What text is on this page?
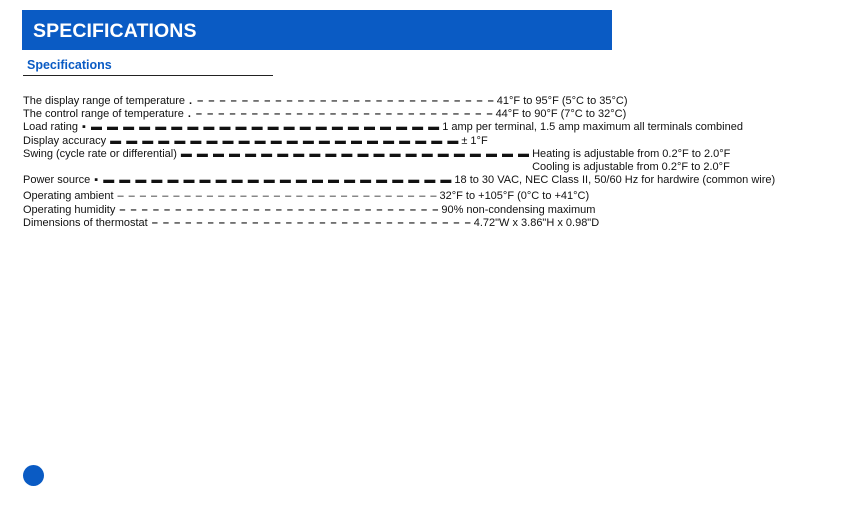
SPECIFICATIONS
Specifications
The display range of temperature . – – – – – – – – – – – – – – – – – – – – – – – – – – – 41°F to 95°F (5°C to 35°C)
The control range of temperature . – – – – – – – – – – – – – – – – – – – – – – – – – – – 44°F to 90°F (7°C to 32°C)
Load rating ▪ ▬ ▬ ▬ ▬ ▬ ▬ ▬ ▬ ▬ ▬ ▬ ▬ ▬ ▬ ▬ ▬ ▬ ▬ ▬ ▬ ▬ ▬ 1 amp per terminal, 1.5 amp maximum all terminals combined
Display accuracy ▬ ▬ ▬ ▬ ▬ ▬ ▬ ▬ ▬ ▬ ▬ ▬ ▬ ▬ ▬ ▬ ▬ ▬ ▬ ▬ ▬ ▬ ± 1°F
Swing (cycle rate or differential) ▬ ▬ ▬ ▬ ▬ ▬ ▬ ▬ ▬ ▬ ▬ ▬ ▬ ▬ ▬ ▬ ▬ ▬ ▬ ▬ ▬ ▬ Heating is adjustable from 0.2°F to 2.0°F
Cooling is adjustable from 0.2°F to 2.0°F
Power source ▪ ▬ ▬ ▬ ▬ ▬ ▬ ▬ ▬ ▬ ▬ ▬ ▬ ▬ ▬ ▬ ▬ ▬ ▬ ▬ ▬ ▬ ▬ 18 to 30 VAC, NEC Class II, 50/60 Hz for hardwire (common wire)
Operating ambient – – – – – – – – – – – – – – – – – – – – – – – – – – – – – 32°F to +105°F (0°C to +41°C)
Operating humidity – – – – – – – – – – – – – – – – – – – – – – – – – – – – – 90% non-condensing maximum
Dimensions of thermostat – – – – – – – – – – – – – – – – – – – – – – – – – – – – – 4.72"W x 3.86"H x 0.98"D
